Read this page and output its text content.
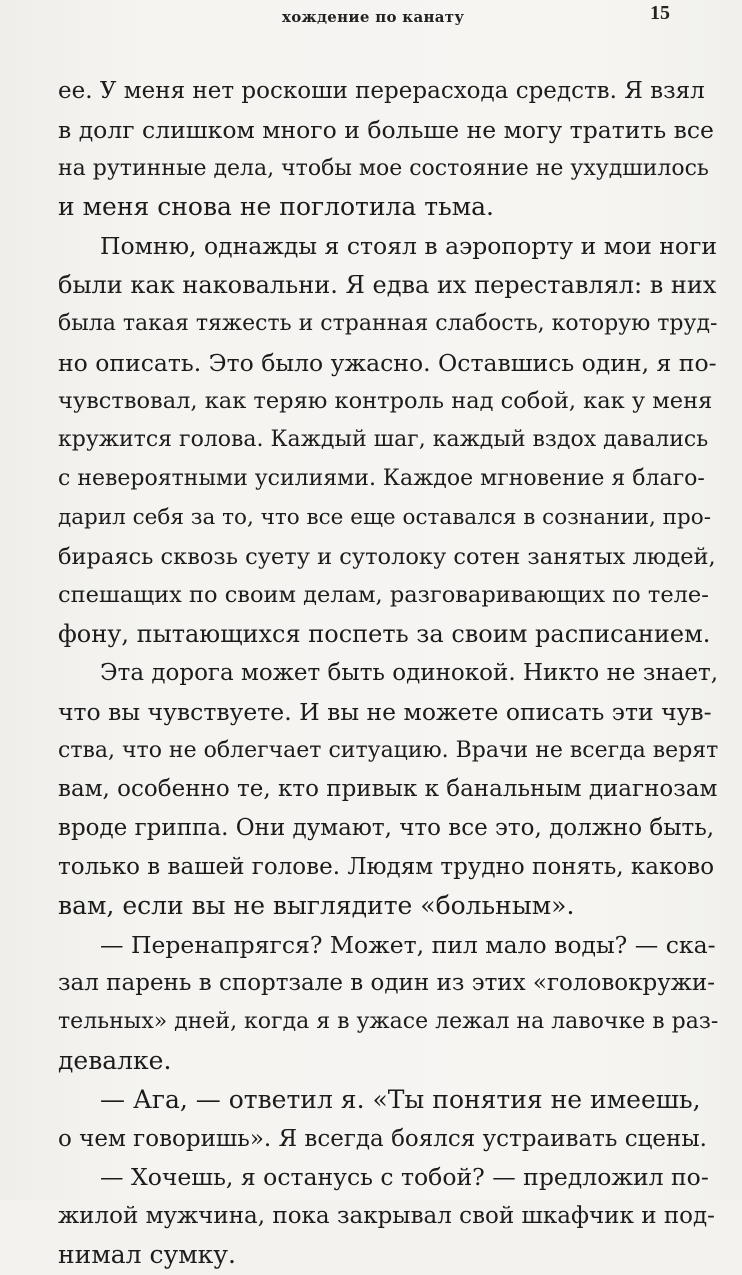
хождение по канату	15
ее. У меня нет роскоши перерасхода средств. Я взял
в долг слишком много и больше не могу тратить все
на рутинные дела, чтобы мое состояние не ухудшилось
и меня снова не поглотила тьма.
Помню, однажды я стоял в аэропорту и мои ноги
были как наковальни. Я едва их переставлял: в них
была такая тяжесть и странная слабость, которую труд-
но описать. Это было ужасно. Оставшись один, я по-
чувствовал, как теряю контроль над собой, как у меня
кружится голова. Каждый шаг, каждый вздох давались
с невероятными усилиями. Каждое мгновение я благо-
дарил себя за то, что все еще оставался в сознании, про-
бираясь сквозь суету и сутолоку сотен занятых людей,
спешащих по своим делам, разговаривающих по теле-
фону, пытающихся поспеть за своим расписанием.
Эта дорога может быть одинокой. Никто не знает,
что вы чувствуете. И вы не можете описать эти чув-
ства, что не облегчает ситуацию. Врачи не всегда верят
вам, особенно те, кто привык к банальным диагнозам
вроде гриппа. Они думают, что все это, должно быть,
только в вашей голове. Людям трудно понять, каково
вам, если вы не выглядите «больным».
— Перенапрягся? Может, пил мало воды? — ска-
зал парень в спортзале в один из этих «головокружи-
тельных» дней, когда я в ужасе лежал на лавочке в раз-
девалке.
— Ага, — ответил я. «Ты понятия не имеешь,
о чем говоришь». Я всегда боялся устраивать сцены.
— Хочешь, я останусь с тобой? — предложил по-
жилой мужчина, пока закрывал свой шкафчик и под-
нимал сумку.
